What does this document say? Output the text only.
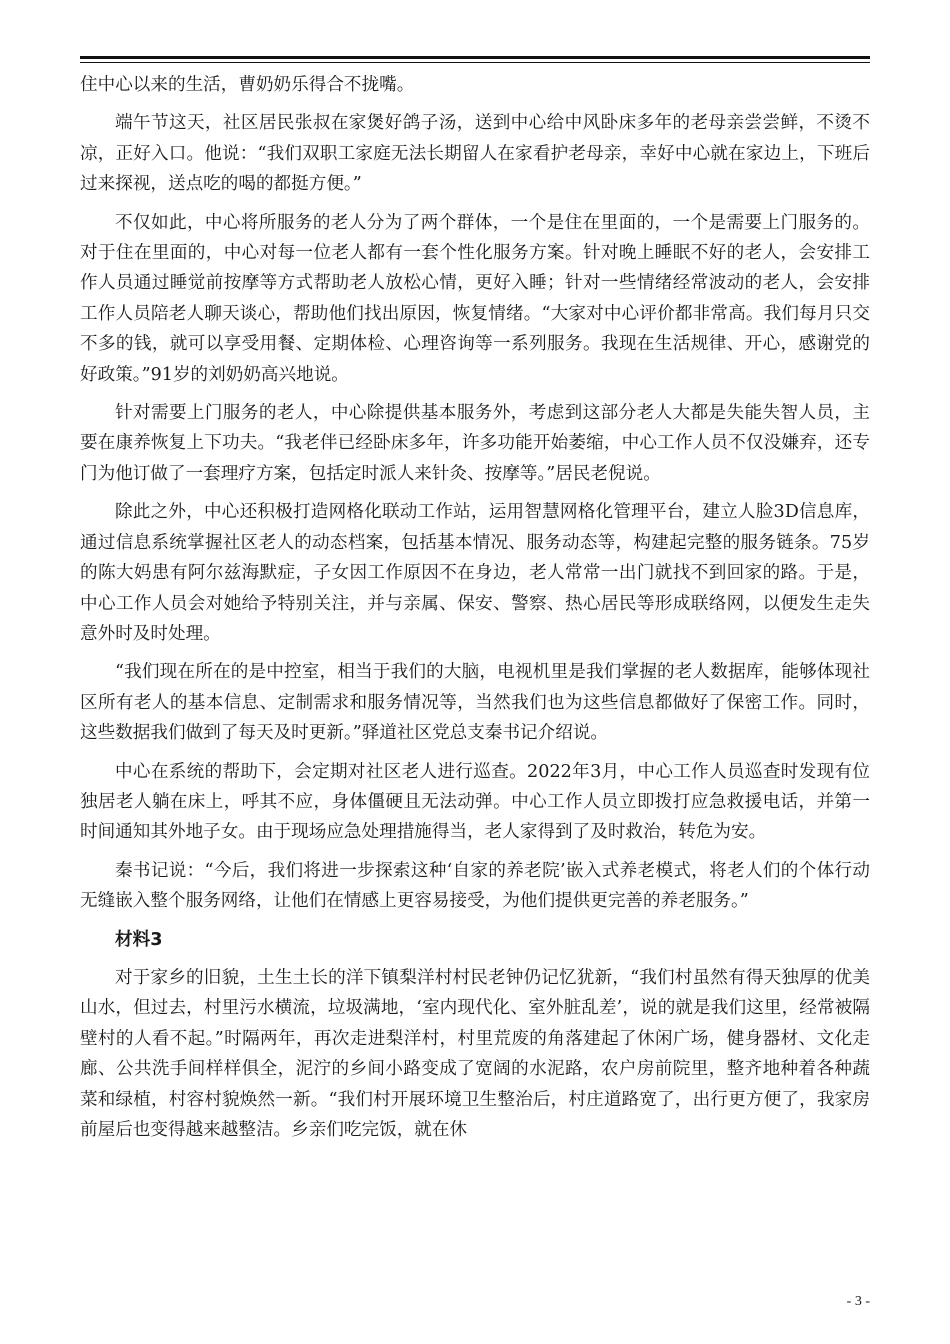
住中心以来的生活，曹奶奶乐得合不拢嘴。

端午节这天，社区居民张叔在家煲好鸽子汤，送到中心给中风卧床多年的老母亲尝尝鲜，不烫不凉，正好入口。他说：“我们双职工家庭无法长期留人在家看护老母亲，幸好中心就在家边上，下班后过来探视，送点吃的喝的都挺方便。”

不仅如此，中心将所服务的老人分为了两个群体，一个是住在里面的，一个是需要上门服务的。对于住在里面的，中心对每一位老人都有一套个性化服务方案。针对晚上睡眠不好的老人，会安排工作人员通过睡觉前按摩等方式帮助老人放松心情，更好入睡；针对一些情绪经常波动的老人，会安排工作人员陪老人聊天谈心，帮助他们找出原因，恢复情绪。“大家对中心评价都非常高。我们每月只交不多的钱，就可以享受用餐、定期体检、心理咨询等一系列服务。我现在生活规律、开心，感谢党的好政策。”91岁的刘奶奶高兴地说。

针对需要上门服务的老人，中心除提供基本服务外，考虑到这部分老人大都是失能失智人员，主要在康养恢复上下功夫。“我老伴已经卧床多年，许多功能开始萎缩，中心工作人员不仅没嫌弃，还专门为他订做了一套理疗方案，包括定时派人来针灸、按摩等。”居民老倪说。

除此之外，中心还积极打造网格化联动工作站，运用智慧网格化管理平台，建立人脸3D信息库，通过信息系统掌握社区老人的动态档案，包括基本情况、服务动态等，构建起完整的服务链条。75岁的陈大妈患有阿尔兹海默症，子女因工作原因不在身边，老人常常一出门就找不到回家的路。于是，中心工作人员会对她给予特别关注，并与亲属、保安、警察、热心居民等形成联络网，以便发生走失意外时及时处理。

“我们现在所在的是中控室，相当于我们的大脑，电视机里是我们掌握的老人数据库，能够体现社区所有老人的基本信息、定制需求和服务情况等，当然我们也为这些信息都做好了保密工作。同时，这些数据我们做到了每天及时更新。”驿道社区党总支秦书记介绍说。

中心在系统的帮助下，会定期对社区老人进行巡查。2022年3月，中心工作人员巡查时发现有位独居老人躺在床上，呼其不应，身体僵硬且无法动弹。中心工作人员立即拨打应急救援电话，并第一时间通知其外地子女。由于现场应急处理措施得当，老人家得到了及时救治，转危为安。

秦书记说：“今后，我们将进一步探索这种‘自家的养老院’嵌入式养老模式，将老人们的个体行动无缝嵌入整个服务网络，让他们在情感上更容易接受，为他们提供更完善的养老服务。”

材料3

对于家乡的旧貌，土生土长的洋下镇梨洋村村民老钟仍记忆犹新，“我们村虽然有得天独厚的优美山水，但过去，村里污水横流，垃圾满地，‘室内现代化、室外脏乱差’，说的就是我们这里，经常被隔壁村的人看不起。”时隔两年，再次走进梨洋村，村里荒废的角落建起了休闲广场，健身器材、文化走廊、公共洗手间样样俱全，泥泞的乡间小路变成了宽阔的水泥路，农户房前院里，整齐地种着各种蔬菜和绿植，村容村貌焕然一新。“我们村开展环境卫生整治后，村庄道路宽了，出行更方便了，我家房前屋后也变得越来越整洁。乡亲们吃完饭，就在休

- 3 -
